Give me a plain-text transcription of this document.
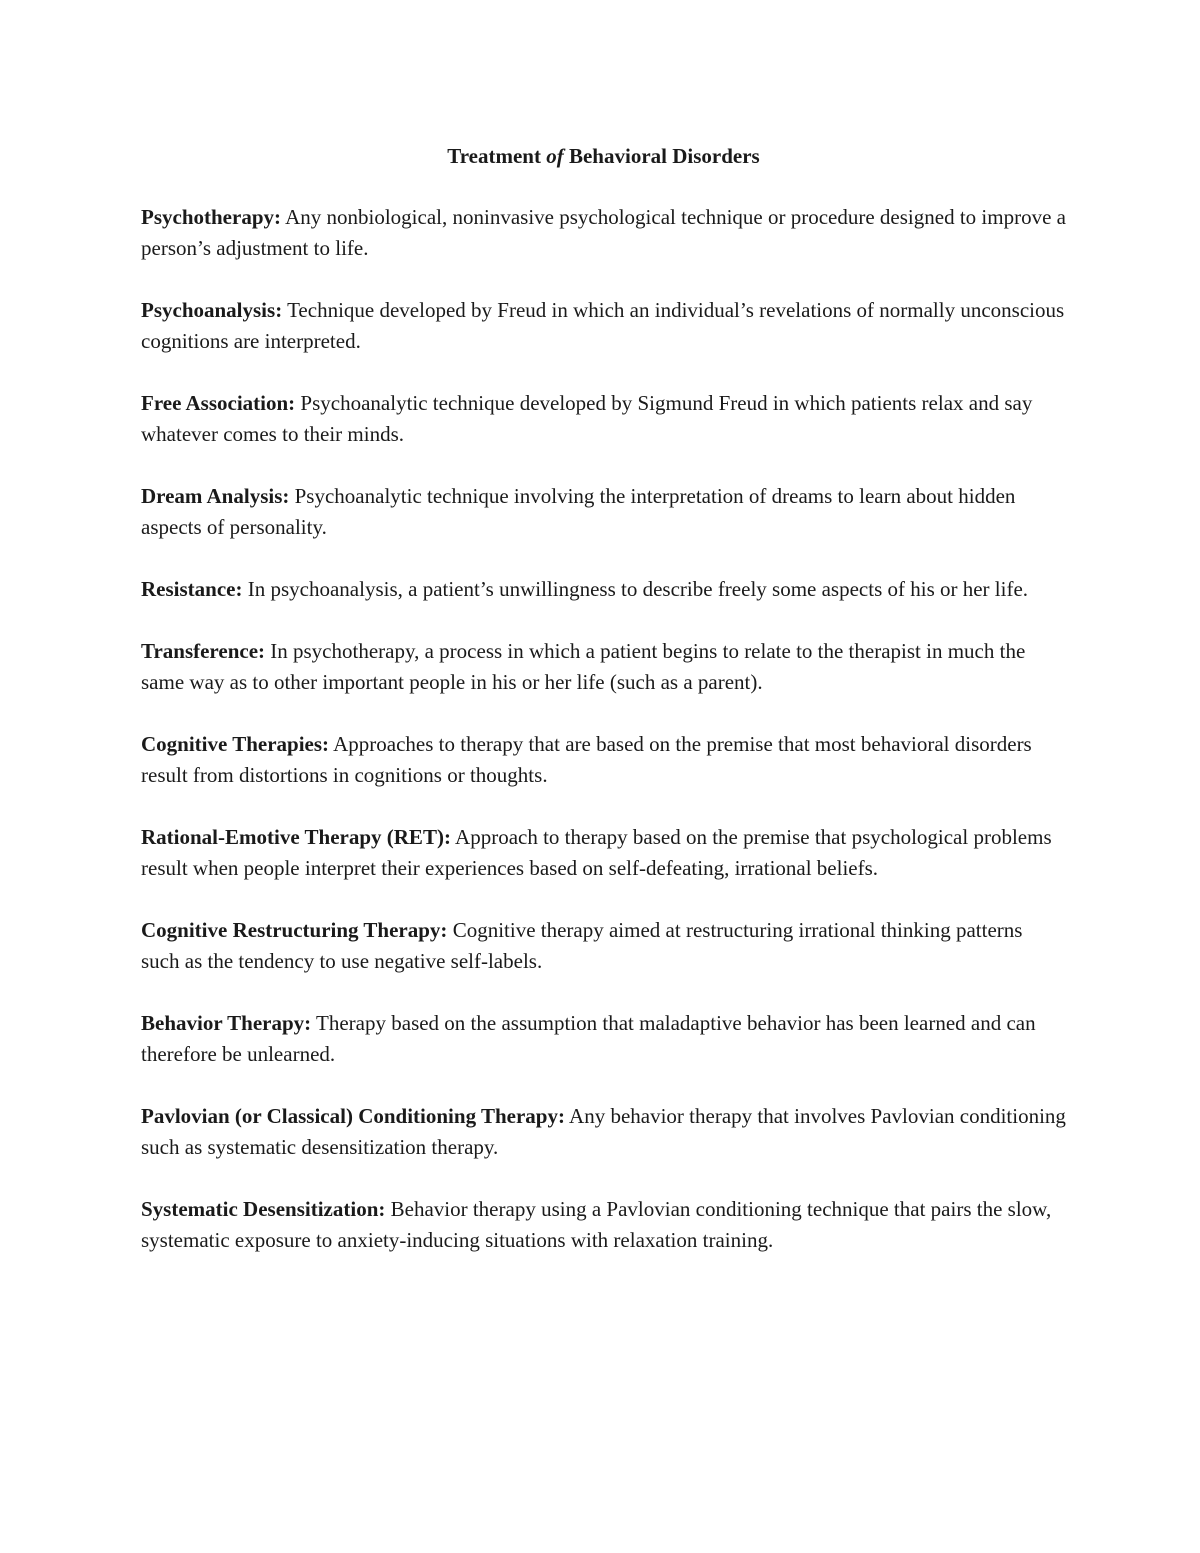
Treatment of Behavioral Disorders

Psychotherapy: Any nonbiological, noninvasive psychological technique or procedure designed to improve a person’s adjustment to life.

Psychoanalysis: Technique developed by Freud in which an individual’s revelations of normally unconscious cognitions are interpreted.

Free Association: Psychoanalytic technique developed by Sigmund Freud in which patients relax and say whatever comes to their minds.

Dream Analysis: Psychoanalytic technique involving the interpretation of dreams to learn about hidden aspects of personality.

Resistance: In psychoanalysis, a patient’s unwillingness to describe freely some aspects of his or her life.

Transference: In psychotherapy, a process in which a patient begins to relate to the therapist in much the same way as to other important people in his or her life (such as a parent).

Cognitive Therapies: Approaches to therapy that are based on the premise that most behavioral disorders result from distortions in cognitions or thoughts.

Rational-Emotive Therapy (RET): Approach to therapy based on the premise that psychological problems result when people interpret their experiences based on self-defeating, irrational beliefs.

Cognitive Restructuring Therapy: Cognitive therapy aimed at restructuring irrational thinking patterns such as the tendency to use negative self-labels.

Behavior Therapy: Therapy based on the assumption that maladaptive behavior has been learned and can therefore be unlearned.

Pavlovian (or Classical) Conditioning Therapy: Any behavior therapy that involves Pavlovian conditioning such as systematic desensitization therapy.

Systematic Desensitization: Behavior therapy using a Pavlovian conditioning technique that pairs the slow, systematic exposure to anxiety-inducing situations with relaxation training.
